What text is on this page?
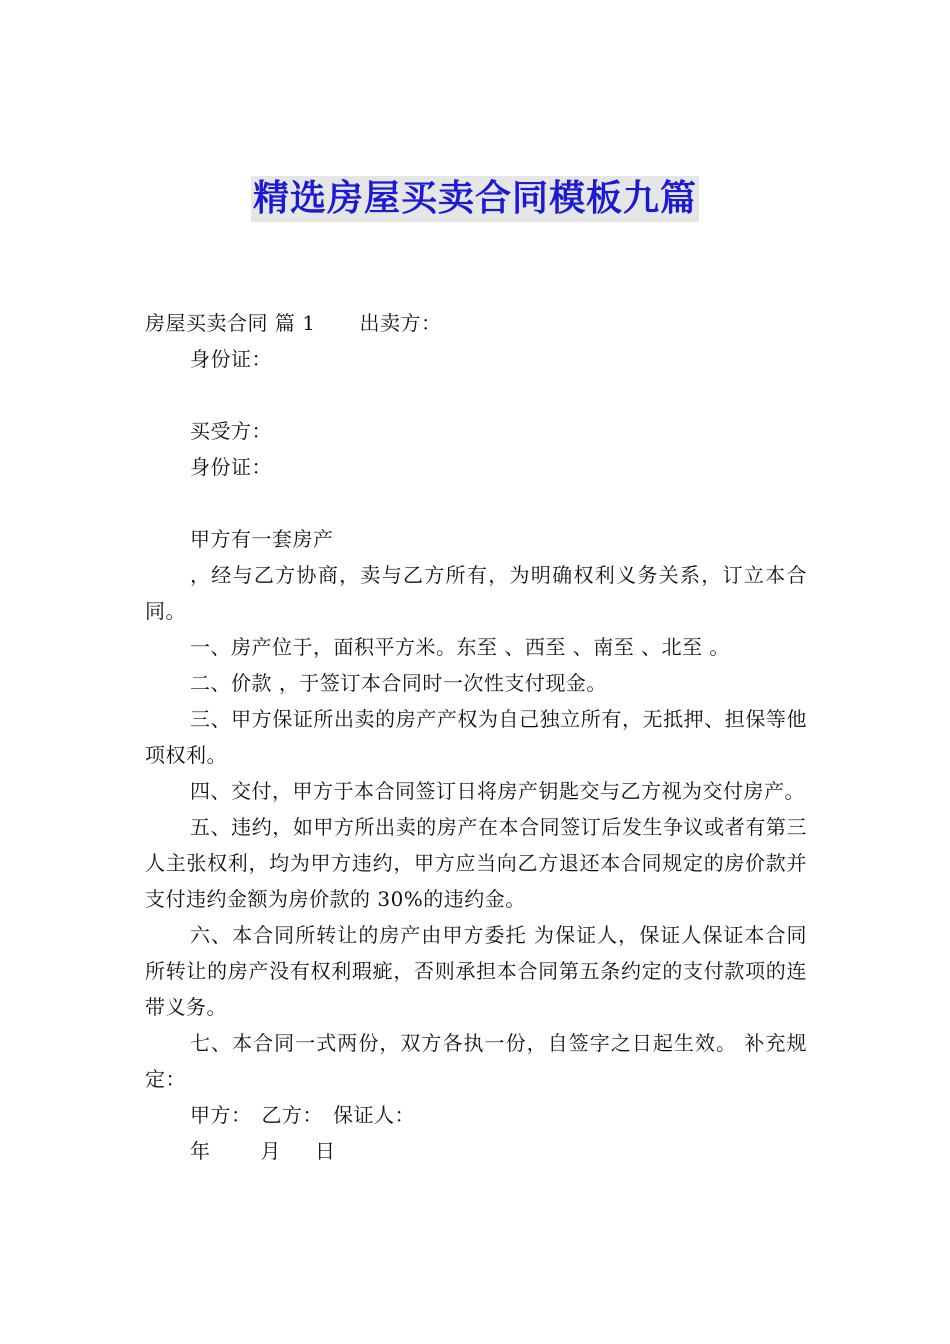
精选房屋买卖合同模板九篇
房屋买卖合同 篇 1 出卖方：
身份证：
买受方：
身份证：
甲方有一套房产
，经与乙方协商，卖与乙方所有，为明确权利义务关系，订立本合同。
一、房产位于，面积平方米。东至 、西至 、南至 、北至 。
二、价款 ，于签订本合同时一次性支付现金。
三、甲方保证所出卖的房产产权为自己独立所有，无抵押、担保等他项权利。
四、交付，甲方于本合同签订日将房产钥匙交与乙方视为交付房产。
五、违约，如甲方所出卖的房产在本合同签订后发生争议或者有第三人主张权利，均为甲方违约，甲方应当向乙方退还本合同规定的房价款并支付违约金额为房价款的 30%的违约金。
六、本合同所转让的房产由甲方委托 为保证人，保证人保证本合同所转让的房产没有权利瑕疵，否则承担本合同第五条约定的支付款项的连带义务。
七、本合同一式两份，双方各执一份，自签字之日起生效。 补充规定：
甲方： 乙方： 保证人：
年	月 日
